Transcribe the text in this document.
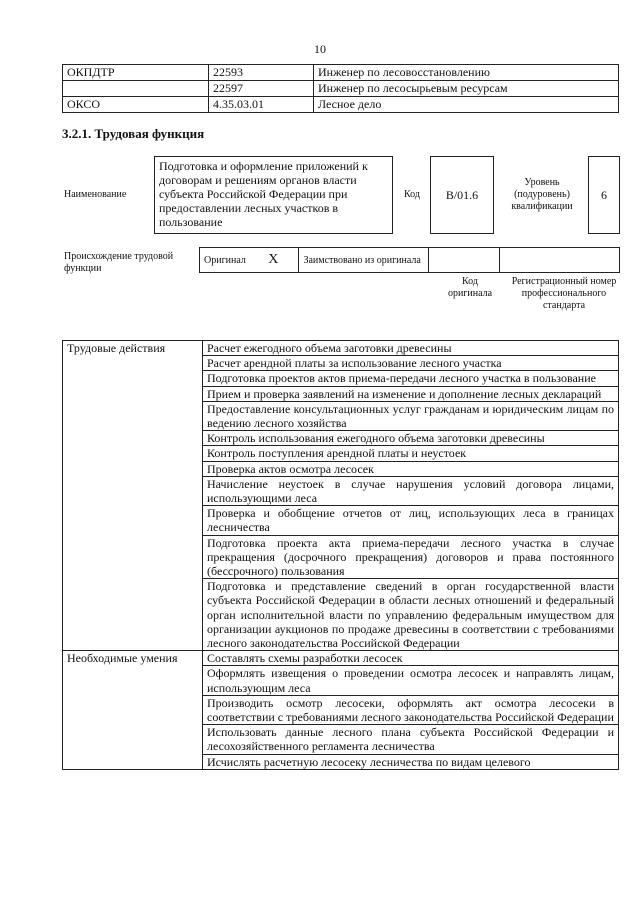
10
ОКПДТР	22593	Инженер по лесовосстановлению
	22597	Инженер по лесосырьевым ресурсам
ОКСО	4.35.03.01	Лесное дело
3.2.1. Трудовая функция
Наименование
Подготовка и оформление приложений к договорам и решениям органов власти субъекта Российской Федерации при предоставлении лесных участков в пользование
Код B/01.6
Уровень (подуровень) квалификации
6
Происхождение трудовой функции
Оригинал	X	Заимствовано из оригинала		
Код оригинала
Регистрационный номер профессионального стандарта
Трудовые действия	Расчет ежегодного объема заготовки древесины
	Расчет арендной платы за использование лесного участка
	Подготовка проектов актов приема-передачи лесного участка в пользование
	Прием и проверка заявлений на изменение и дополнение лесных деклараций
	Предоставление консультационных услуг гражданам и юридическим лицам по ведению лесного хозяйства
	Контроль использования ежегодного объема заготовки древесины
	Контроль поступления арендной платы и неустоек
	Проверка актов осмотра лесосек
	Начисление неустоек в случае нарушения условий договора лицами, использующими леса
	Проверка и обобщение отчетов от лиц, использующих леса в границах лесничества
	Подготовка проекта акта приема-передачи лесного участка в случае прекращения (досрочного прекращения) договоров и права постоянного (бессрочного) пользования
	Подготовка и представление сведений в орган государственной власти субъекта Российской Федерации в области лесных отношений и федеральный орган исполнительной власти по управлению федеральным имуществом для организации аукционов по продаже древесины в соответствии с требованиями лесного законодательства Российской Федерации
Необходимые умения	Составлять схемы разработки лесосек
	Оформлять извещения о проведении осмотра лесосек и направлять лицам, использующим леса
	Производить осмотр лесосеки, оформлять акт осмотра лесосеки в соответствии с требованиями лесного законодательства Российской Федерации
	Использовать данные лесного плана субъекта Российской Федерации и лесохозяйственного регламента лесничества
	Исчислять расчетную лесосеку лесничества по видам целевого
